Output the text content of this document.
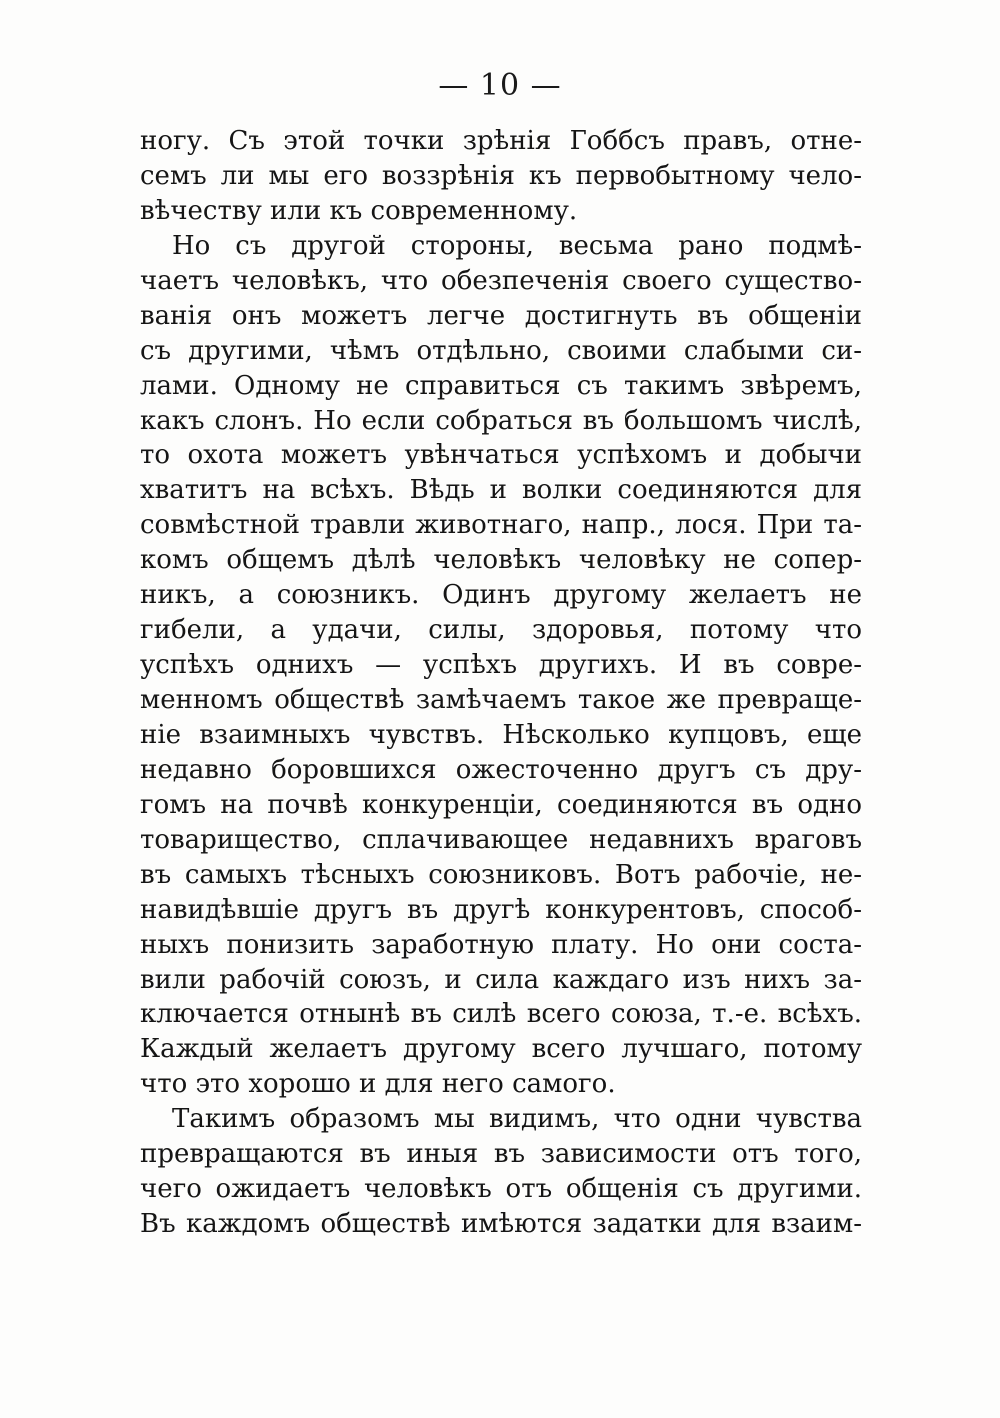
— 10 —
ногу. Съ этой точки зрѣнія Гоббсъ правъ, отне-
семъ ли мы его воззрѣнія къ первобытному чело-
вѣчеству или къ современному.
Но съ другой стороны, весьма рано подмѣ-
чаетъ человѣкъ, что обезпеченія своего существо-
ванія онъ можетъ легче достигнуть въ общеніи
съ другими, чѣмъ отдѣльно, своими слабыми си-
лами. Одному не справиться съ такимъ звѣремъ,
какъ слонъ. Но если собраться въ большомъ числѣ,
то охота можетъ увѣнчаться успѣхомъ и добычи
хватитъ на всѣхъ. Вѣдь и волки соединяются для
совмѣстной травли животнаго, напр., лося. При та-
комъ общемъ дѣлѣ человѣкъ человѣку не сопер-
никъ, а союзникъ. Одинъ другому желаетъ не
гибели, а удачи, силы, здоровья, потому что
успѣхъ однихъ — успѣхъ другихъ. И въ совре-
менномъ обществѣ замѣчаемъ такое же превраще-
ніе взаимныхъ чувствъ. Нѣсколько купцовъ, еще
недавно боровшихся ожесточенно другъ съ дру-
гомъ на почвѣ конкуренціи, соединяются въ одно
товарищество, сплачивающее недавнихъ враговъ
въ самыхъ тѣсныхъ союзниковъ. Вотъ рабочіе, не-
навидѣвшіе другъ въ другѣ конкурентовъ, способ-
ныхъ понизить заработную плату. Но они соста-
вили рабочій союзъ, и сила каждаго изъ нихъ за-
ключается отнынѣ въ силѣ всего союза, т.-е. всѣхъ.
Каждый желаетъ другому всего лучшаго, потому
что это хорошо и для него самого.
Такимъ образомъ мы видимъ, что одни чувства
превращаются въ иныя въ зависимости отъ того,
чего ожидаетъ человѣкъ отъ общенія съ другими.
Въ каждомъ обществѣ имѣются задатки для взаим-
